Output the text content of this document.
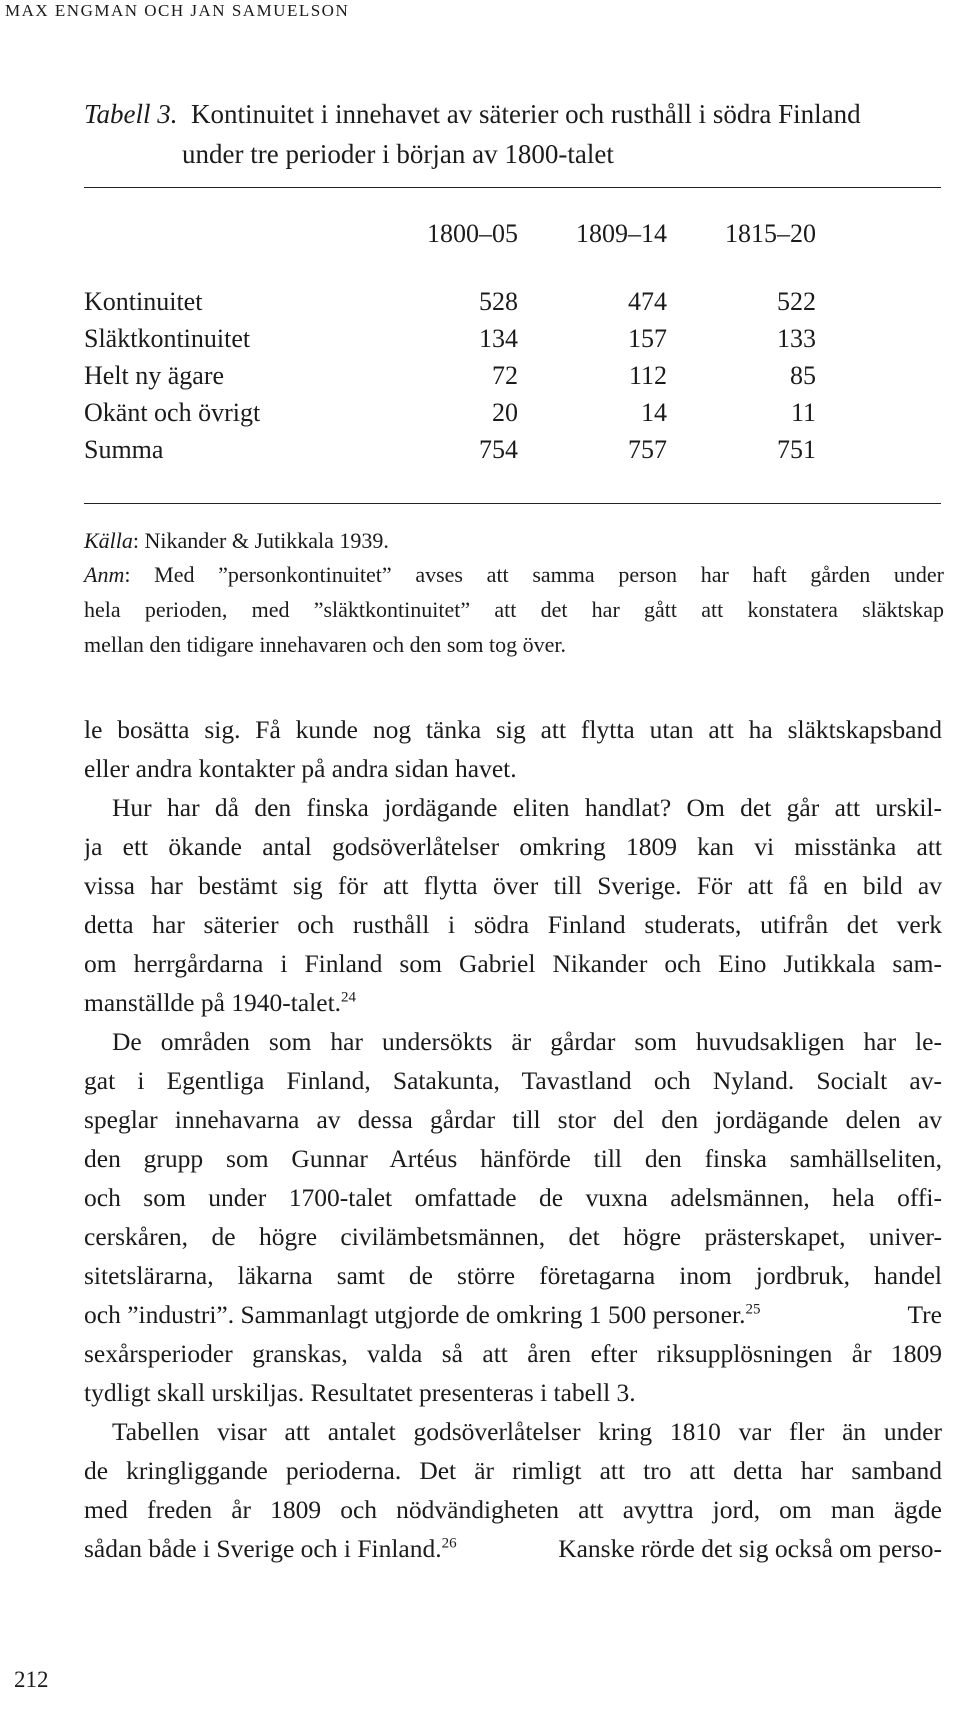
MAX ENGMAN OCH JAN SAMUELSON
Tabell 3. Kontinuitet i innehavet av säterier och rusthåll i södra Finland
under tre perioder i början av 1800-talet
1800–05 1809–14 1815–20
Kontinuitet	528	474	522
Släktkontinuitet	134	157	133
Helt ny ägare	72	112	85
Okänt och övrigt	20	14	11
Summa	754	757	751
Källa: Nikander & Jutikkala 1939.
Anm: Med ”personkontinuitet” avses att samma person har haft gården under
hela perioden, med ”släktkontinuitet” att det har gått att konstatera släktskap
mellan den tidigare innehavaren och den som tog över.
le bosätta sig. Få kunde nog tänka sig att flytta utan att ha släktskapsband
eller andra kontakter på andra sidan havet.
Hur har då den finska jordägande eliten handlat? Om det går att urskil-
ja ett ökande antal godsöverlåtelser omkring 1809 kan vi misstänka att
vissa har bestämt sig för att flytta över till Sverige. För att få en bild av
detta har säterier och rusthåll i södra Finland studerats, utifrån det verk
om herrgårdarna i Finland som Gabriel Nikander och Eino Jutikkala sam-
manställde på 1940-talet.$^{24}$
De områden som har undersökts är gårdar som huvudsakligen har le-
gat i Egentliga Finland, Satakunta, Tavastland och Nyland. Socialt av-
speglar innehavarna av dessa gårdar till stor del den jordägande delen av
den grupp som Gunnar Artéus hänförde till den finska samhällseliten,
och som under 1700-talet omfattade de vuxna adelsmännen, hela offi-
cerskåren, de högre civilämbetsmännen, det högre prästerskapet, univer-
sitetslärarna, läkarna samt de större företagarna inom jordbruk, handel
och ”industri”. Sammanlagt utgjorde de omkring 1 500 personer.$^{25}$	Tre
sexårsperioder granskas, valda så att åren efter riksupplösningen år 1809
tydligt skall urskiljas. Resultatet presenteras i tabell 3.
Tabellen visar att antalet godsöverlåtelser kring 1810 var fler än under
de kringliggande perioderna. Det är rimligt att tro att detta har samband
med freden år 1809 och nödvändigheten att avyttra jord, om man ägde
sådan både i Sverige och i Finland.$^{26}$	Kanske rörde det sig också om perso-
212
